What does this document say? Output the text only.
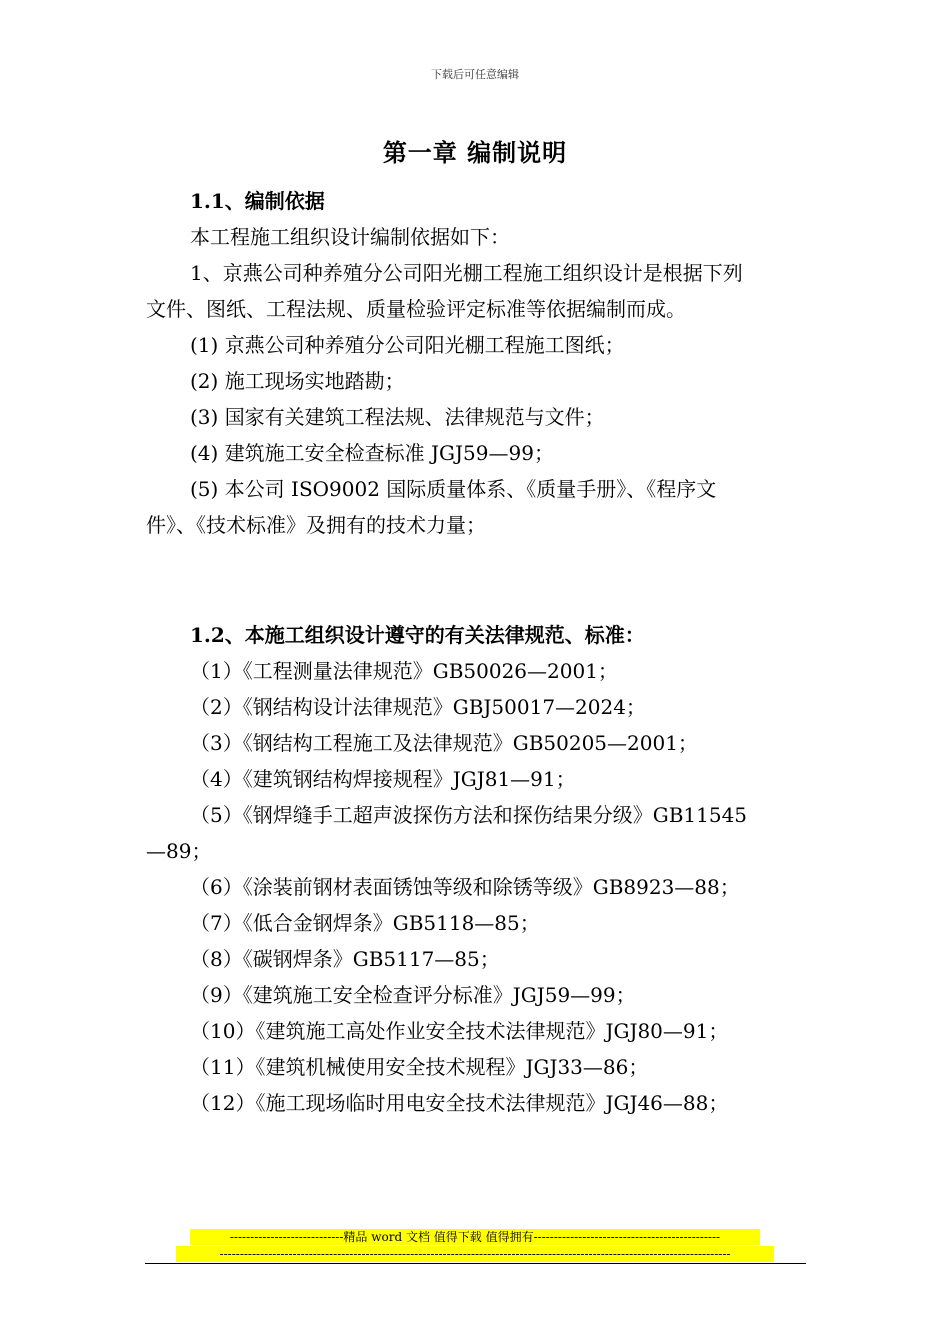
下载后可任意编辑
第一章 编制说明
1.1、编制依据
本工程施工组织设计编制依据如下：
1、京燕公司种养殖分公司阳光棚工程施工组织设计是根据下列
文件、图纸、工程法规、质量检验评定标准等依据编制而成。
(1) 京燕公司种养殖分公司阳光棚工程施工图纸；
(2) 施工现场实地踏勘；
(3) 国家有关建筑工程法规、法律规范与文件；
(4) 建筑施工安全检查标准 JGJ59—99；
(5) 本公司 ISO9002 国际质量体系、《质量手册》、《程序文
件》、《技术标准》及拥有的技术力量；
1.2、本施工组织设计遵守的有关法律规范、标准：
（1）《工程测量法律规范》GB50026—2001；
（2）《钢结构设计法律规范》GBJ50017—2024；
（3）《钢结构工程施工及法律规范》GB50205—2001；
（4）《建筑钢结构焊接规程》JGJ81—91；
（5）《钢焊缝手工超声波探伤方法和探伤结果分级》GB11545
—89；
（6）《涂装前钢材表面锈蚀等级和除锈等级》GB8923—88；
（7）《低合金钢焊条》GB5118—85；
（8）《碳钢焊条》GB5117—85；
（9）《建筑施工安全检查评分标准》JGJ59—99；
（10）《建筑施工高处作业安全技术法律规范》JGJ80—91；
（11）《建筑机械使用安全技术规程》JGJ33—86；
（12）《施工现场临时用电安全技术法律规范》JGJ46—88；
----------------------------精品 word 文档 值得下载 值得拥有----------------------------------------------
------------------------------------------------------------------------------------------------------------------------------
